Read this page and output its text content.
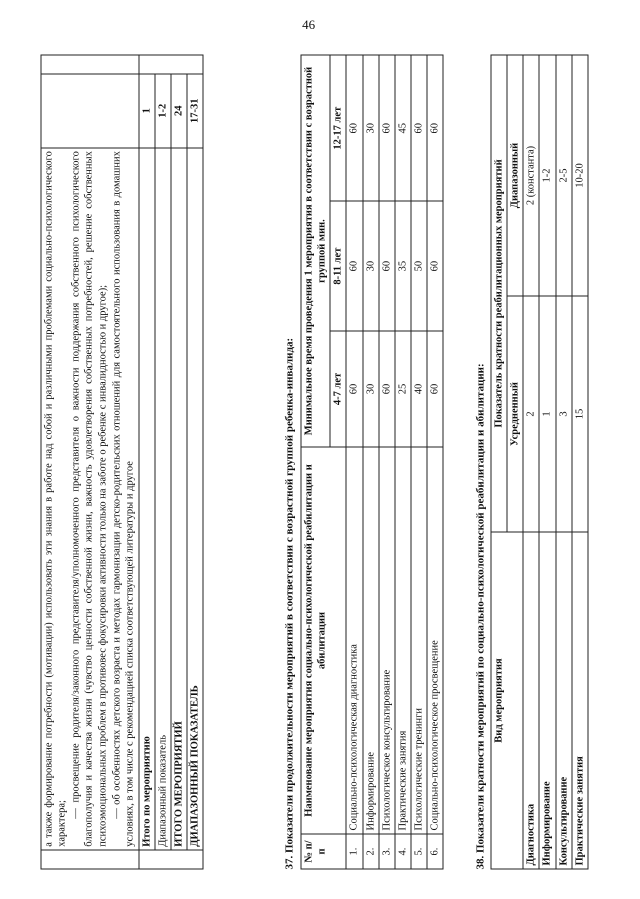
46

	а также формирование потребности (мотивации) использовать эти знания в работе над собой и различными проблемами социально-психологического характера;

— просвещение родителя/законного представителя/уполномоченного представителя о важности поддержания собственного психологического благополучия и качества жизни (чувство ценности собственной жизни, важность удовлетворения собственных потребностей, решение собственных психоэмоциональных проблем в противовес фокусировки активности только на заботе о ребенке с инвалидностью и другое); — об особенностях детского возраста и методах гармонизации детско-родительских отношений для самостоятельного использования в домашних условиях, в том числе с рекомендацией списка соответствующей литературы и другое		

	Итого по мероприятию	1	
	Диапазонный показатель	1-2	
	ИТОГО МЕРОПРИЯТИЙ	24	
	ДИАПАЗОННЫЙ ПОКАЗАТЕЛЬ	17-31	
37. Показатели продолжительности мероприятий в соответствии с возрастной группой ребенка-инвалида: № п/п	Наименование мероприятия социально-психологической реабилитации и абилитации	Минимальное время проведения 1 мероприятия в соответствии с возрастной группой мин.		
		4-7 лет	8-11 лет	12-17 лет
1.	Социально-психологическая диагностика	60	60	60
2.	Информирование	30	30	30
3.	Психологическое консультирование	60	60	60
4.	Практические занятия	25	35	45
5.	Психологические тренинги	40	50	60
6.	Социально-психологическое просвещение	60	60	60
38. Показатели кратности мероприятий по социально-психологической реабилитации и абилитации: Вид мероприятия	Показатель кратности реабилитационных мероприятий	
	Усредненный	Диапазонный
Диагностика	2	2 (константа)
Информирование	1	1-2
Консультирование	3	2-5
Практические занятия	15	10-20
